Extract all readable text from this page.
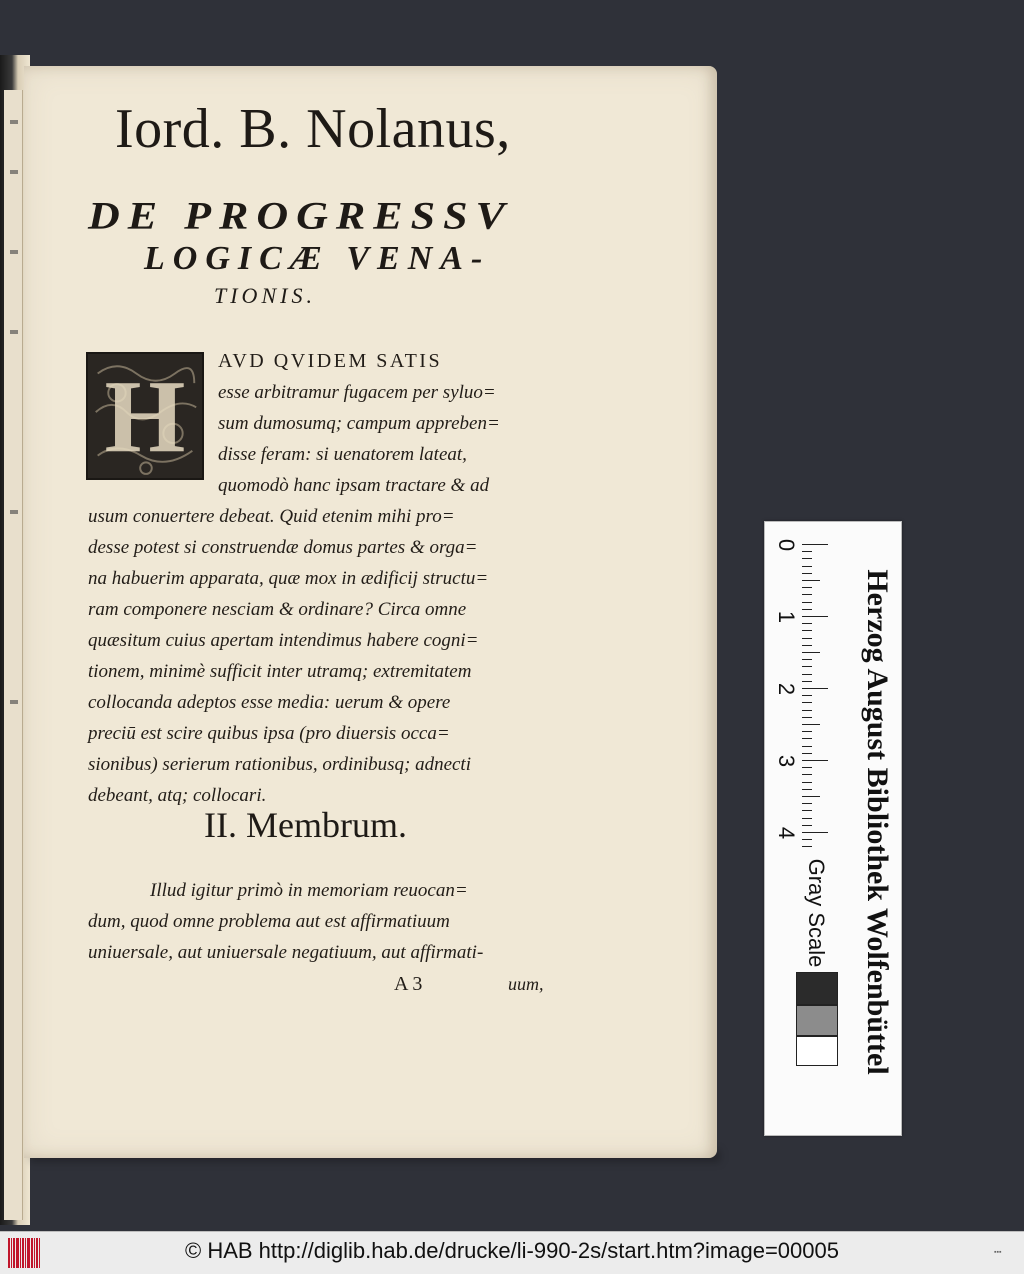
Iord. B. Nolanus,
DE PROGRESSV
LOGICÆ VENA-
TIONIS.
H	AVD QVIDEM SATIS
esse arbitramur fugacem per syluo=
sum dumosumq; campum appreben=
disse feram: si uenatorem lateat,
quomodò hanc ipsam tractare & ad
usum conuertere debeat. Quid etenim mihi pro=
desse potest si construendæ domus partes & orga=
na habuerim apparata, quæ mox in ædificij structu=
ram componere nesciam & ordinare? Circa omne
quæsitum cuius apertam intendimus habere cogni=
tionem, minimè sufficit inter utramq; extremitatem
collocanda adeptos esse media: uerum & opere
preciū est scire quibus ipsa (pro diuersis occa=
sionibus) serierum rationibus, ordinibusq; adnecti
debeant, atq; collocari.
II. Membrum.
Illud igitur primò in memoriam reuocan=
dum, quod omne problema aut est affirmatiuum
uniuersale, aut uniuersale negatiuum, aut affirmati-
A 3	uum,	Herzog August Bibliothek Wolfenbüttel
0
1
2
3
4
Gray Scale
© HAB http://diglib.hab.de/drucke/li-990-2s/start.htm?image=00005	▪▪▪
